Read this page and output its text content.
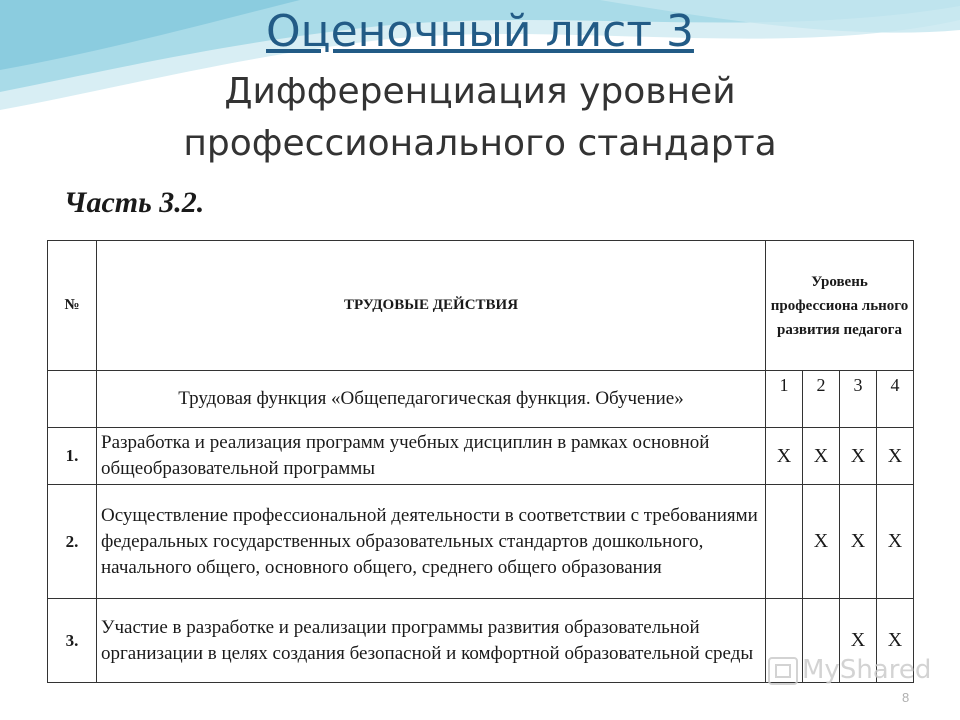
Оценочный лист 3
Дифференциация уровней
профессионального стандарта
Часть 3.2.
№	ТРУДОВЫЕ ДЕЙСТВИЯ	Уровень профессиона льного развития педагога			
	Трудовая функция «Общепедагогическая функция. Обучение»	1	2	3	4
1.	Разработка и реализация программ учебных дисциплин в рамках основной общеобразовательной программы	X	X	X	X
2.	Осуществление профессиональной деятельности в соответствии с требованиями федеральных государственных образовательных стандартов дошкольного, начального общего, основного общего, среднего общего образования		X	X	X
3.	Участие в разработке и реализации программы развития образовательной организации в целях создания безопасной и комфортной образовательной среды			X	X
MyShared
8
